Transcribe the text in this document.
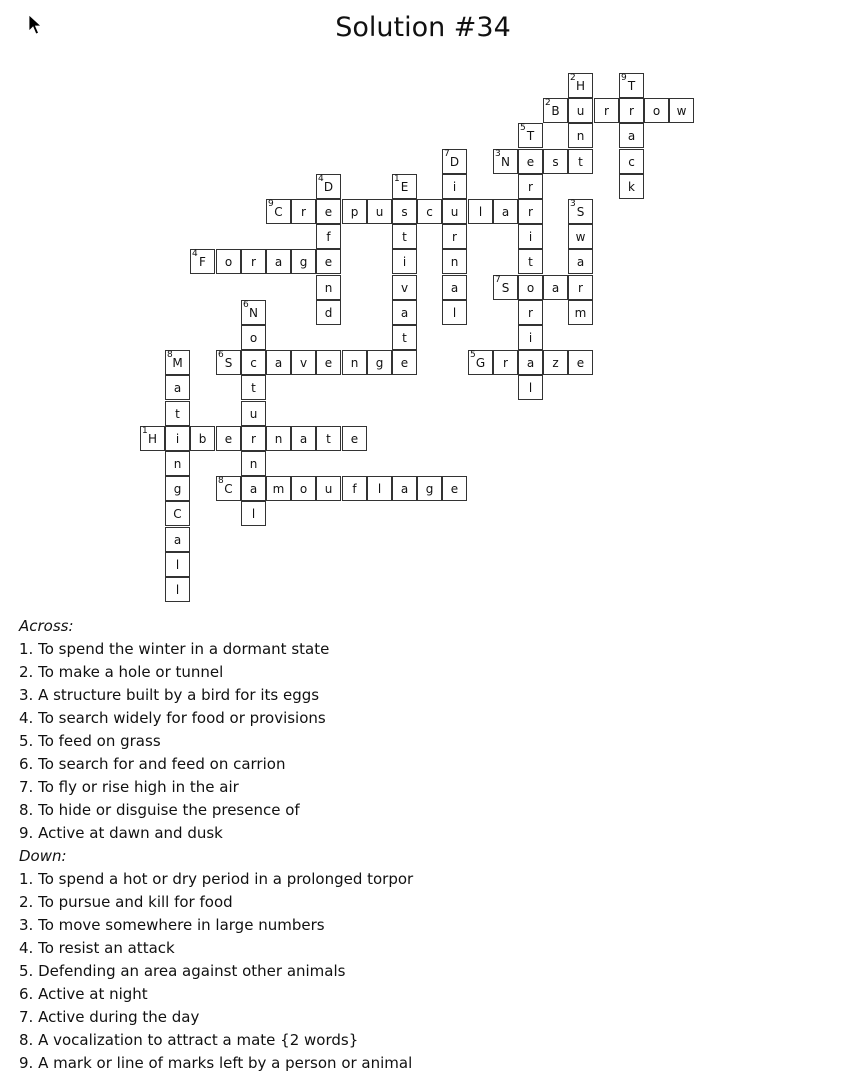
Solution #34
2
H
9
T
2
B	u	r	r	o	w
5
T	n	a
7
D
3
N	e	s	t	c
4
D
1
E	i	r	k
9
C	r	e	p	u	s	c	u	l	a	r
3
S
f	t	r	i	w
4
F	o	r	a	g	e	i	n	t	a
n	v	a
7
S	o	a	r
6
N	d	a	l	r	m
o	t	i
8
M
6
S	c	a	v	e	n	g	e
5
G	r	a	z	e
a	t	l
t	u
1
H	i	b	e	r	n	a	t	e
n	n
g
8
C	a	m	o	u	f	l	a	g	e
C	l
a
l
l
Across:
1. To spend the winter in a dormant state
2. To make a hole or tunnel
3. A structure built by a bird for its eggs
4. To search widely for food or provisions
5. To feed on grass
6. To search for and feed on carrion
7. To fly or rise high in the air
8. To hide or disguise the presence of
9. Active at dawn and dusk
Down:
1. To spend a hot or dry period in a prolonged torpor
2. To pursue and kill for food
3. To move somewhere in large numbers
4. To resist an attack
5. Defending an area against other animals
6. Active at night
7. Active during the day
8. A vocalization to attract a mate {2 words}
9. A mark or line of marks left by a person or animal
